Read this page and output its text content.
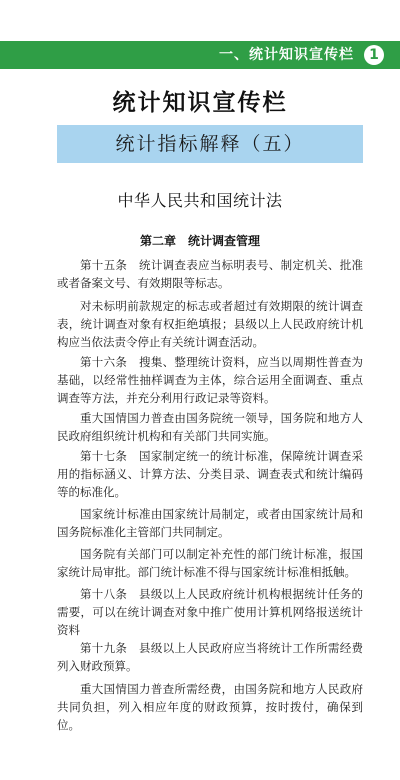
一、统计知识宣传栏	1
统计知识宣传栏
统计指标解释（五）
中华人民共和国统计法
第二章 统计调查管理

第十五条　统计调查表应当标明表号、制定机关、批准或者备案文号、有效期限等标志。

对未标明前款规定的标志或者超过有效期限的统计调查表，统计调查对象有权拒绝填报；县级以上人民政府统计机构应当依法责令停止有关统计调查活动。

第十六条　搜集、整理统计资料，应当以周期性普查为基础，以经常性抽样调查为主体，综合运用全面调查、重点调查等方法，并充分利用行政记录等资料。

重大国情国力普查由国务院统一领导，国务院和地方人民政府组织统计机构和有关部门共同实施。

第十七条　国家制定统一的统计标准，保障统计调查采用的指标涵义、计算方法、分类目录、调查表式和统计编码等的标准化。

国家统计标准由国家统计局制定，或者由国家统计局和国务院标准化主管部门共同制定。

国务院有关部门可以制定补充性的部门统计标准，报国家统计局审批。部门统计标准不得与国家统计标准相抵触。

第十八条　县级以上人民政府统计机构根据统计任务的需要，可以在统计调查对象中推广使用计算机网络报送统计资料

第十九条　县级以上人民政府应当将统计工作所需经费列入财政预算。

重大国情国力普查所需经费，由国务院和地方人民政府共同负担，列入相应年度的财政预算，按时拨付，确保到位。
